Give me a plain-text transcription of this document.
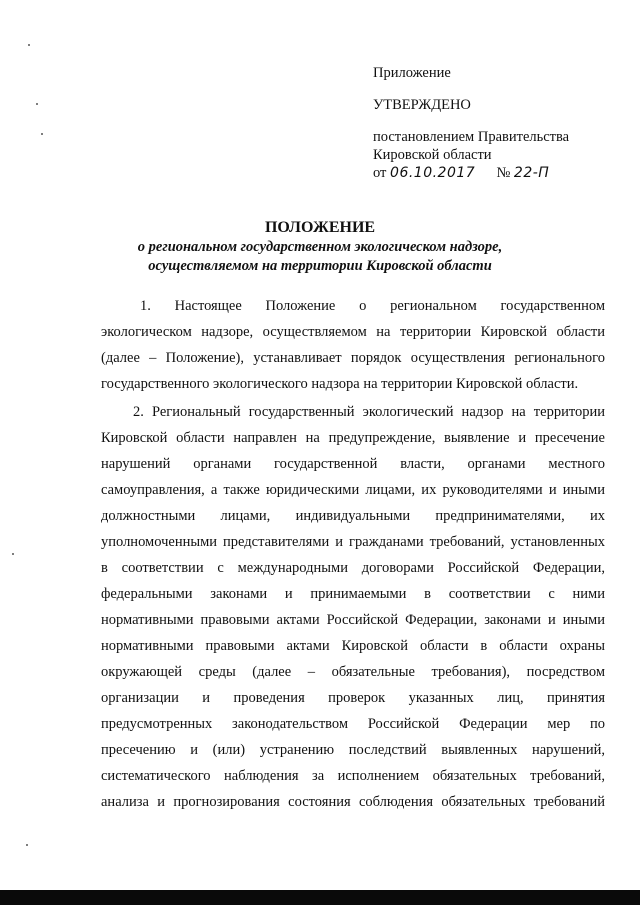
Приложение
УТВЕРЖДЕНО
постановлением Правительства
Кировской области
от 06.10.2017 № 22-П
ПОЛОЖЕНИЕ
о региональном государственном экологическом надзоре,
осуществляемом на территории Кировской области
1. Настоящее Положение о региональном государственном
экологическом надзоре, осуществляемом на территории Кировской области
(далее – Положение), устанавливает порядок осуществления регионального
государственного экологического надзора на территории Кировской области.
2. Региональный государственный экологический надзор на территории
Кировской области направлен на предупреждение, выявление и пресечение
нарушений органами государственной власти, органами местного
самоуправления, а также юридическими лицами, их руководителями и иными
должностными лицами, индивидуальными предпринимателями, их
уполномоченными представителями и гражданами требований, установленных
в соответствии с международными договорами Российской Федерации,
федеральными законами и принимаемыми в соответствии с ними
нормативными правовыми актами Российской Федерации, законами и иными
нормативными правовыми актами Кировской области в области охраны
окружающей среды (далее – обязательные требования), посредством
организации и проведения проверок указанных лиц, принятия
предусмотренных законодательством Российской Федерации мер по
пресечению и (или) устранению последствий выявленных нарушений,
систематического наблюдения за исполнением обязательных требований,
анализа и прогнозирования состояния соблюдения обязательных требований
